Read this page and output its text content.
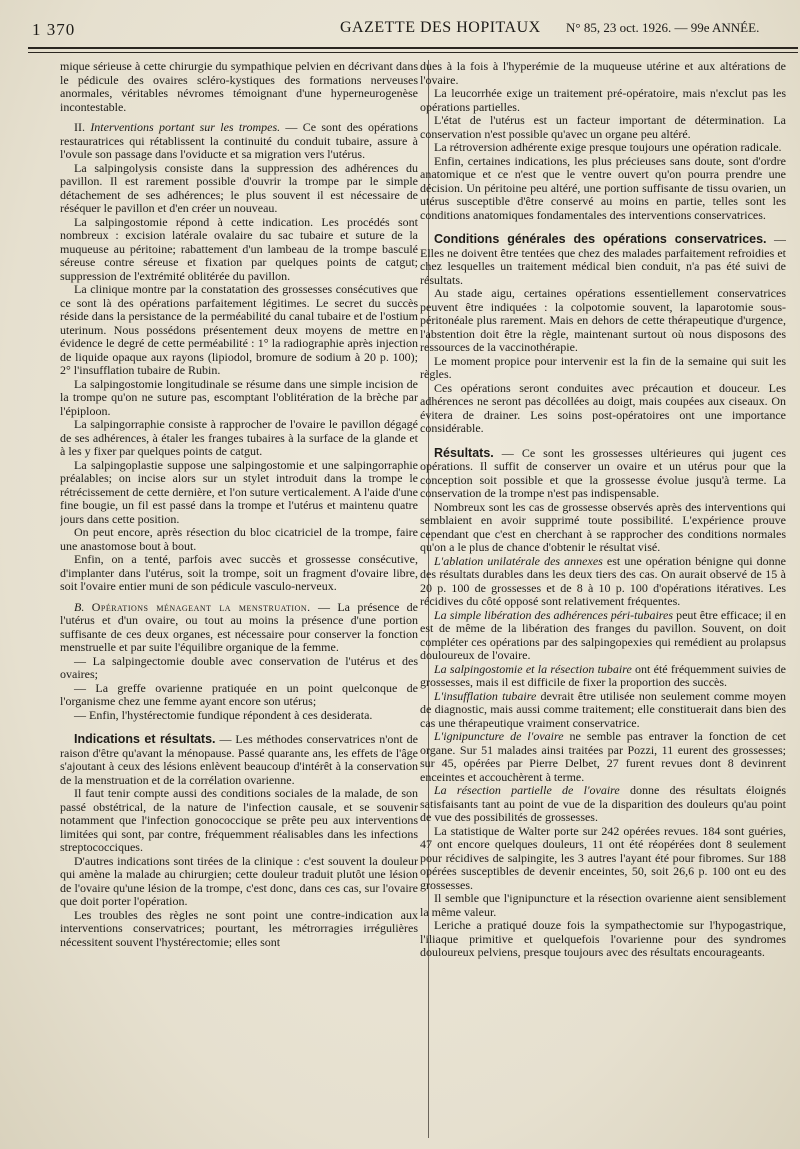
1 370	GAZETTE DES HOPITAUX N° 85, 23 oct. 1926. — 99e ANNÉE.

mique sérieuse à cette chirurgie du sympathique pelvien en décrivant dans le pédicule des ovaires scléro-kystiques des formations nerveuses anormales, véritables névromes témoignant d'une hyperneurogenèse incontestable.

II. Interventions portant sur les trompes. — Ce sont des opérations restauratrices qui rétablissent la continuité du conduit tubaire, assure à l'ovule son passage dans l'oviducte et sa migration vers l'utérus.

La salpingolysis consiste dans la suppression des adhérences du pavillon. Il est rarement possible d'ouvrir la trompe par le simple détachement de ses adhérences; le plus souvent il est nécessaire de réséquer le pavillon et d'en créer un nouveau.

La salpingostomie répond à cette indication. Les procédés sont nombreux : excision latérale ovalaire du sac tubaire et suture de la muqueuse au péritoine; rabattement d'un lambeau de la trompe basculé séreuse contre séreuse et fixation par quelques points de catgut; suppression de l'extrémité oblitérée du pavillon.

La clinique montre par la constatation des grossesses consécutives que ce sont là des opérations parfaitement légitimes. Le secret du succès réside dans la persistance de la perméabilité du canal tubaire et de l'ostium uterinum. Nous possédons présentement deux moyens de mettre en évidence le degré de cette perméabilité : 1° la radiographie après injection de liquide opaque aux rayons (lipiodol, bromure de sodium à 20 p. 100); 2° l'insufflation tubaire de Rubin.

La salpingostomie longitudinale se résume dans une simple incision de la trompe qu'on ne suture pas, escomptant l'oblitération de la brèche par l'épiploon.

La salpingorraphie consiste à rapprocher de l'ovaire le pavillon dégagé de ses adhérences, à étaler les franges tubaires à la surface de la glande et à les y fixer par quelques points de catgut.

La salpingoplastie suppose une salpingostomie et une salpingorraphie préalables; on incise alors sur un stylet introduit dans la trompe le rétrécissement de cette dernière, et l'on suture verticalement. A l'aide d'une fine bougie, un fil est passé dans la trompe et l'utérus et maintenu quatre jours dans cette position.

On peut encore, après résection du bloc cicatriciel de la trompe, faire une anastomose bout à bout.

Enfin, on a tenté, parfois avec succès et grossesse consécutive, d'implanter dans l'utérus, soit la trompe, soit un fragment d'ovaire libre, soit l'ovaire entier muni de son pédicule vasculo-nerveux.

B. Opérations ménageant la menstruation. — La présence de l'utérus et d'un ovaire, ou tout au moins la présence d'une portion suffisante de ces deux organes, est nécessaire pour conserver la fonction menstruelle et par suite l'équilibre organique de la femme.

— La salpingectomie double avec conservation de l'utérus et des ovaires;

— La greffe ovarienne pratiquée en un point quelconque de l'organisme chez une femme ayant encore son utérus;

— Enfin, l'hystérectomie fundique répondent à ces desiderata.

Indications et résultats. — Les méthodes conservatrices n'ont de raison d'être qu'avant la ménopause. Passé quarante ans, les effets de l'âge s'ajoutant à ceux des lésions enlèvent beaucoup d'intérêt à la conservation de la menstruation et de la corrélation ovarienne.

Il faut tenir compte aussi des conditions sociales de la malade, de son passé obstétrical, de la nature de l'infection causale, et se souvenir notamment que l'infection gonococcique se prête peu aux interventions limitées qui sont, par contre, fréquemment réalisables dans les infections streptococciques.

D'autres indications sont tirées de la clinique : c'est souvent la douleur qui amène la malade au chirurgien; cette douleur traduit plutôt une lésion de l'ovaire qu'une lésion de la trompe, c'est donc, dans ces cas, sur l'ovaire que doit porter l'opération.

Les troubles des règles ne sont point une contre-indication aux interventions conservatrices; pourtant, les métrorragies irrégulières nécessitent souvent l'hystérectomie; elles sont

dues à la fois à l'hyperémie de la muqueuse utérine et aux altérations de l'ovaire.

La leucorrhée exige un traitement pré-opératoire, mais n'exclut pas les opérations partielles.

L'état de l'utérus est un facteur important de détermination. La conservation n'est possible qu'avec un organe peu altéré.

La rétroversion adhérente exige presque toujours une opération radicale.

Enfin, certaines indications, les plus précieuses sans doute, sont d'ordre anatomique et ce n'est que le ventre ouvert qu'on pourra prendre une décision. Un péritoine peu altéré, une portion suffisante de tissu ovarien, un utérus susceptible d'être conservé au moins en partie, telles sont les conditions anatomiques fondamentales des interventions conservatrices.

Conditions générales des opérations conservatrices. — Elles ne doivent être tentées que chez des malades parfaitement refroidies et chez lesquelles un traitement médical bien conduit, n'a pas été suivi de résultats.

Au stade aigu, certaines opérations essentiellement conservatrices peuvent être indiquées : la colpotomie souvent, la laparotomie sous-péritonéale plus rarement. Mais en dehors de cette thérapeutique d'urgence, l'abstention doit être la règle, maintenant surtout où nous disposons des ressources de la vaccinothérapie.

Le moment propice pour intervenir est la fin de la semaine qui suit les règles.

Ces opérations seront conduites avec précaution et douceur. Les adhérences ne seront pas décollées au doigt, mais coupées aux ciseaux. On évitera de drainer. Les soins post-opératoires ont une importance considérable.

Résultats. — Ce sont les grossesses ultérieures qui jugent ces opérations. Il suffit de conserver un ovaire et un utérus pour que la conception soit possible et que la grossesse évolue jusqu'à terme. La conservation de la trompe n'est pas indispensable.

Nombreux sont les cas de grossesse observés après des interventions qui semblaient en avoir supprimé toute possibilité. L'expérience prouve cependant que c'est en cherchant à se rapprocher des conditions normales qu'on a le plus de chance d'obtenir le résultat visé.

L'ablation unilatérale des annexes est une opération bénigne qui donne des résultats durables dans les deux tiers des cas. On aurait observé de 15 à 20 p. 100 de grossesses et de 8 à 10 p. 100 d'opérations itératives. Les récidives du côté opposé sont relativement fréquentes.

La simple libération des adhérences péri-tubaires peut être efficace; il en est de même de la libération des franges du pavillon. Souvent, on doit compléter ces opérations par des salpingopexies qui remédient au prolapsus douloureux de l'ovaire.

La salpingostomie et la résection tubaire ont été fréquemment suivies de grossesses, mais il est difficile de fixer la proportion des succès.

L'insufflation tubaire devrait être utilisée non seulement comme moyen de diagnostic, mais aussi comme traitement; elle constituerait dans bien des cas une thérapeutique vraiment conservatrice.

L'ignipuncture de l'ovaire ne semble pas entraver la fonction de cet organe. Sur 51 malades ainsi traitées par Pozzi, 11 eurent des grossesses; sur 45, opérées par Pierre Delbet, 27 furent revues dont 8 devinrent enceintes et accouchèrent à terme.

La résection partielle de l'ovaire donne des résultats éloignés satisfaisants tant au point de vue de la disparition des douleurs qu'au point de vue des possibilités de grossesses.

La statistique de Walter porte sur 242 opérées revues. 184 sont guéries, 47 ont encore quelques douleurs, 11 ont été réopérées dont 8 seulement pour récidives de salpingite, les 3 autres l'ayant été pour fibromes. Sur 188 opérées susceptibles de devenir enceintes, 50, soit 26,6 p. 100 ont eu des grossesses.

Il semble que l'ignipuncture et la résection ovarienne aient sensiblement la même valeur.

Leriche a pratiqué douze fois la sympathectomie sur l'hypogastrique, l'iliaque primitive et quelquefois l'ovarienne pour des syndromes douloureux pelviens, presque toujours avec des résultats encourageants.
